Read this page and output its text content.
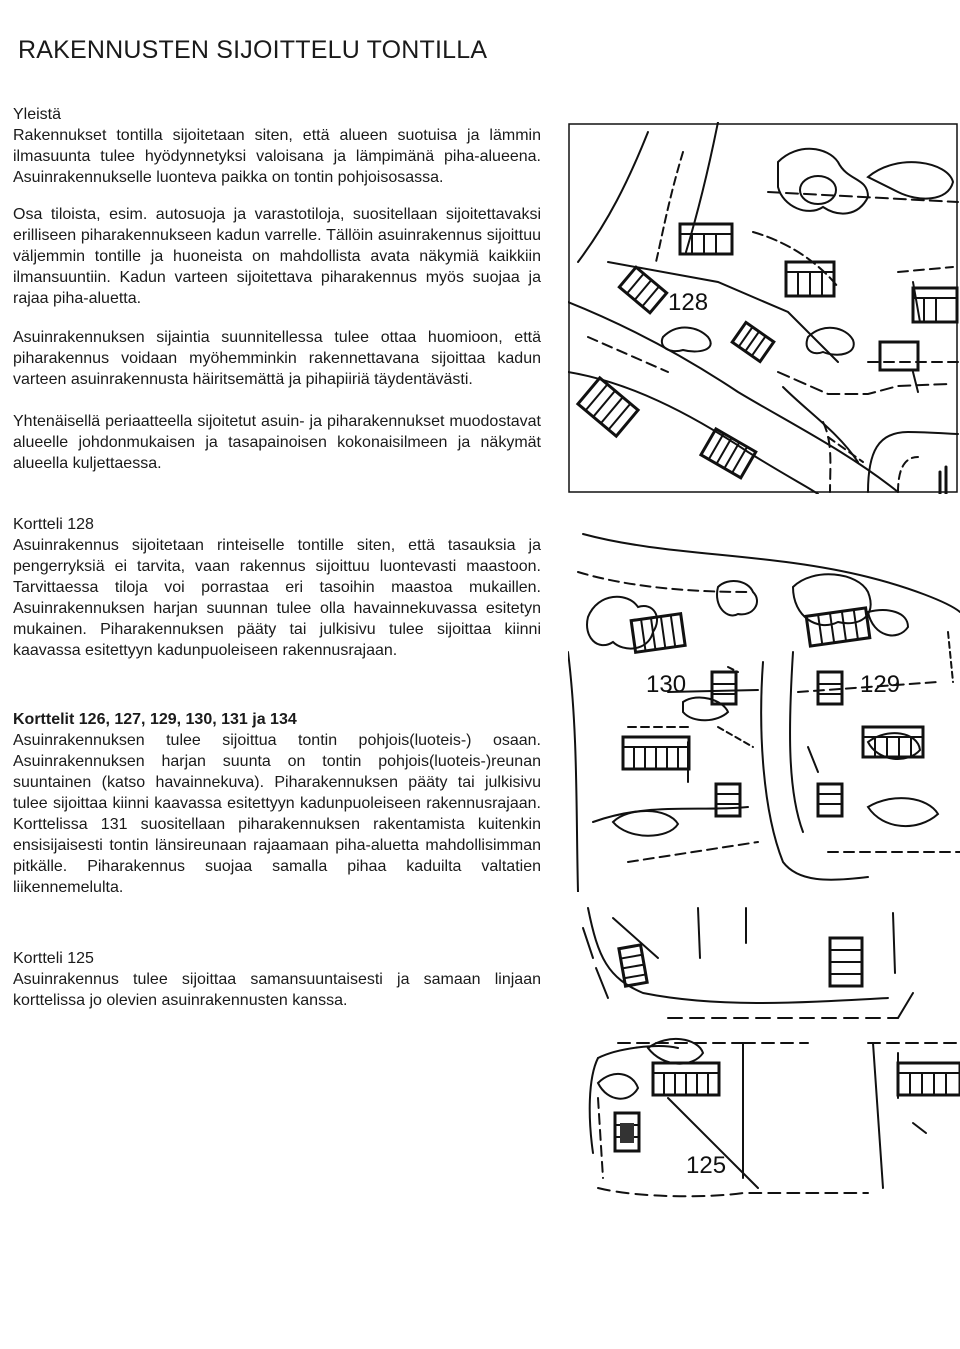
RAKENNUSTEN SIJOITTELU TONTILLA

Yleistä

Rakennukset tontilla sijoitetaan siten, että alueen suotuisa ja lämmin ilmasuunta tulee hyödynnetyksi valoisana ja lämpimänä piha-alueena. Asuinrakennukselle luonteva paikka on tontin pohjoisosassa.

Osa tiloista, esim. autosuoja ja varastotiloja, suositellaan sijoitettavaksi erilliseen piharakennukseen kadun varrelle. Tällöin asuinrakennus sijoittuu väljemmin tontille ja huoneista on mahdollista avata näkymiä kaikkiin ilmansuuntiin. Kadun varteen sijoitettava piharakennus myös suojaa ja rajaa piha-aluetta.

Asuinrakennuksen sijaintia suunnitellessa tulee ottaa huomioon, että piharakennus voidaan myöhemminkin rakennettavana sijoittaa kadun varteen asuinrakennusta häiritsemättä ja pihapiiriä täydentävästi.

Yhtenäisellä periaatteella sijoitetut asuin- ja piharakennukset muodostavat alueelle johdonmukaisen ja tasapainoisen kokonaisilmeen ja näkymät alueella kuljettaessa.

Kortteli 128

Asuinrakennus sijoitetaan rinteiselle tontille siten, että tasauksia ja pengerryksiä ei tarvita, vaan rakennus sijoittuu luontevasti maastoon. Tarvittaessa tiloja voi porrastaa eri tasoihin maastoa mukaillen. Asuinrakennuksen harjan suunnan tulee olla havainnekuvassa esitetyn mukainen. Piharakennuksen pääty tai julkisivu tulee sijoittaa kiinni kaavassa esitettyyn kadunpuoleiseen rakennusrajaan.

Korttelit 126, 127, 129, 130, 131 ja 134

Asuinrakennuksen tulee sijoittua tontin pohjois(luoteis-) osaan. Asuinrakennuksen harjan suunta on tontin pohjois(luoteis-)reunan suuntainen (katso havainnekuva). Piharakennuksen pääty tai julkisivu tulee sijoittaa kiinni kaavassa esitettyyn kadunpuoleiseen rakennusrajaan. Korttelissa 131 suositellaan piharakennuksen rakentamista kuitenkin ensisijaisesti tontin länsireunaan rajaamaan piha-aluetta mahdollisimman pitkälle. Piharakennus suojaa samalla pihaa kaduilta valtatien liikennemelulta.

Kortteli 125

Asuinrakennus tulee sijoittaa samansuuntaisesti ja samaan linjaan korttelissa jo olevien asuinrakennusten kanssa.

128
130	129
125
